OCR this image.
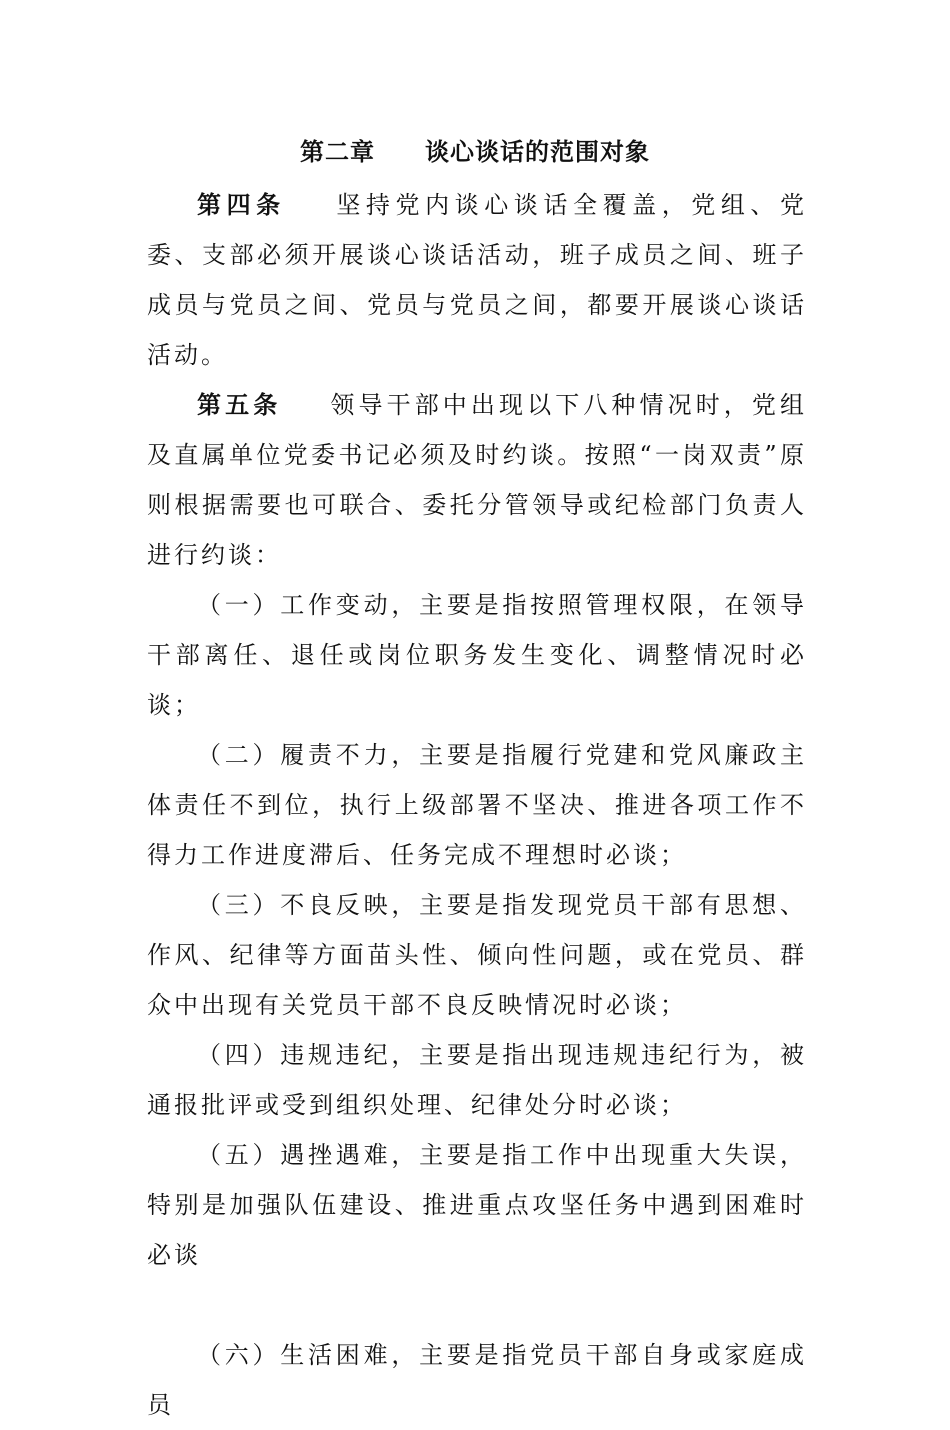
第二章　　谈心谈话的范围对象

第四条 坚持党内谈心谈话全覆盖，党组、党委、支部必须开展谈心谈话活动，班子成员之间、班子成员与党员之间、党员与党员之间，都要开展谈心谈话活动。

第五条 领导干部中出现以下八种情况时，党组及直属单位党委书记必须及时约谈。按照“一岗双责”原则根据需要也可联合、委托分管领导或纪检部门负责人进行约谈：

（一）工作变动，主要是指按照管理权限，在领导干部离任、退任或岗位职务发生变化、调整情况时必谈；

（二）履责不力，主要是指履行党建和党风廉政主体责任不到位，执行上级部署不坚决、推进各项工作不得力工作进度滞后、任务完成不理想时必谈；

（三）不良反映，主要是指发现党员干部有思想、作风、纪律等方面苗头性、倾向性问题，或在党员、群众中出现有关党员干部不良反映情况时必谈；

（四）违规违纪，主要是指出现违规违纪行为，被通报批评或受到组织处理、纪律处分时必谈；

（五）遇挫遇难，主要是指工作中出现重大失误，特别是加强队伍建设、推进重点攻坚任务中遇到困难时必谈

（六）生活困难，主要是指党员干部自身或家庭成员
